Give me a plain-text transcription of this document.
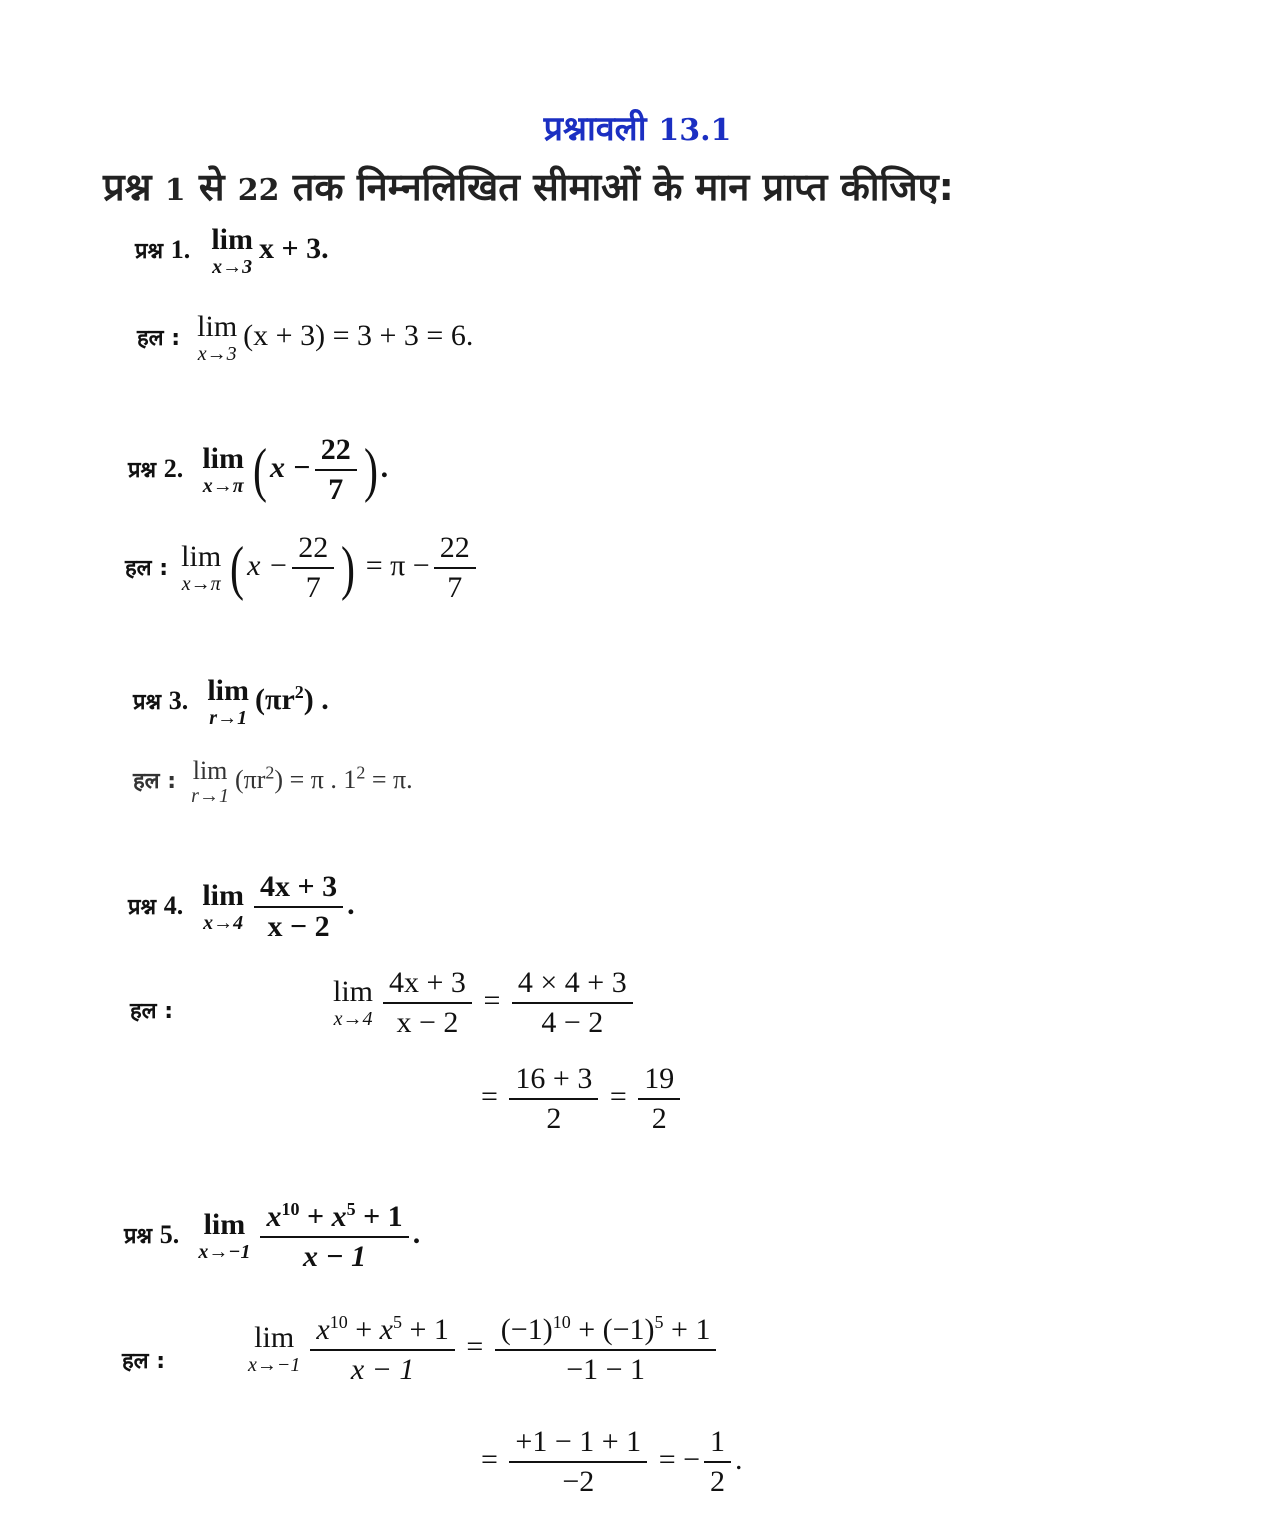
प्रश्नावली 13.1
प्रश्न 1 से 22 तक निम्नलिखित सीमाओं के मान प्राप्त कीजिए:
प्रश्न 1. lim
x→3
x + 3.
हल : lim
x→3
(x + 3) = 3 + 3 = 6.
प्रश्न 2. lim
x→π ($x - \frac{22}{7}$ ).
हल : lim
x→π ($x - \frac{22}{7}$ ) = $\pi - \frac{22}{7}$
प्रश्न 3. lim
r→1
$(\pi r^2)$ .
हल : lim
r→1
$(\pi r^2) = \pi$ . $1^2 = \pi$.
प्रश्न 4. lim
$x\to 4 \frac{4x + 3}{x - 2}$ .
हल :
lim
$x\to 4 \frac{4x + 3}{x - 2} = \frac{4 \times 4 + 3}{4 - 2}$
= $\frac{16 + 3}{2} = \frac{19}{2}$
प्रश्न 5. lim
$x\to-1 \frac{x^{10} + x^5 + 1}{x - 1}$ .
हल :
lim
$x\to-1 \frac{x^{10} + x^5 + 1}{x - 1} = \frac{(-1)^{10} + (-1)^5 + 1}{-1 - 1}$
= $\frac{+1 - 1 + 1}{-2}$ = − $\frac{1}{2}$ .
